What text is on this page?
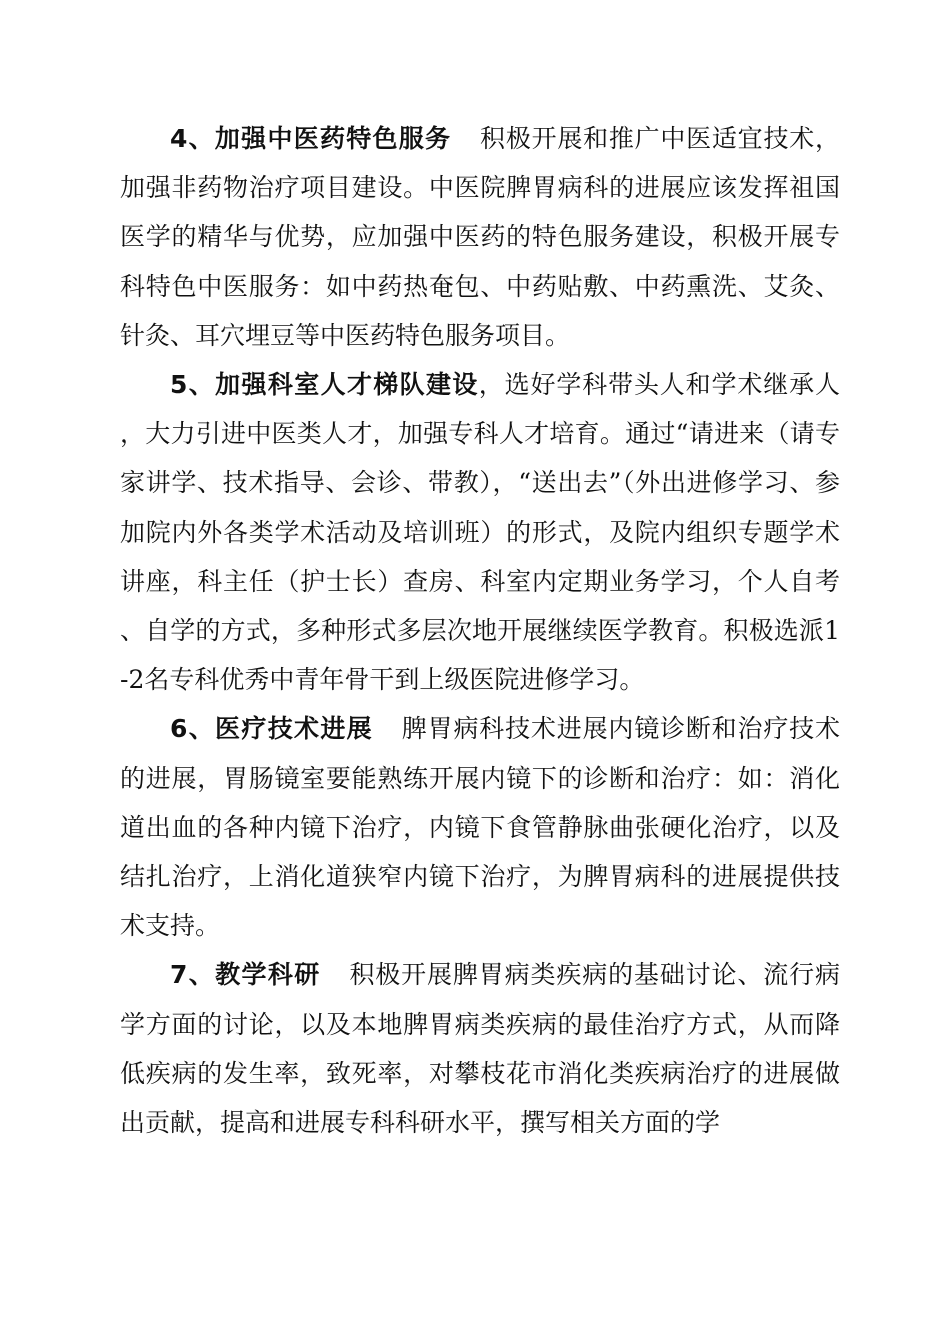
4、加强中医药特色服务 积极开展和推广中医适宜技术，加强非药物治疗项目建设。中医院脾胃病科的进展应该发挥祖国医学的精华与优势，应加强中医药的特色服务建设，积极开展专科特色中医服务：如中药热奄包、中药贴敷、中药熏洗、艾灸、针灸、耳穴埋豆等中医药特色服务项目。

5、加强科室人才梯队建设，选好学科带头人和学术继承人，大力引进中医类人才，加强专科人才培育。通过“请进来（请专家讲学、技术指导、会诊、带教），“送出去”（外出进修学习、参加院内外各类学术活动及培训班）的形式，及院内组织专题学术讲座，科主任（护士长）查房、科室内定期业务学习，个人自考、自学的方式，多种形式多层次地开展继续医学教育。积极选派1-2名专科优秀中青年骨干到上级医院进修学习。

6、医疗技术进展 脾胃病科技术进展内镜诊断和治疗技术的进展，胃肠镜室要能熟练开展内镜下的诊断和治疗：如：消化道出血的各种内镜下治疗，内镜下食管静脉曲张硬化治疗，以及结扎治疗，上消化道狭窄内镜下治疗，为脾胃病科的进展提供技术支持。

7、教学科研 积极开展脾胃病类疾病的基础讨论、流行病学方面的讨论，以及本地脾胃病类疾病的最佳治疗方式，从而降低疾病的发生率，致死率，对攀枝花市消化类疾病治疗的进展做出贡献，提高和进展专科科研水平，撰写相关方面的学
